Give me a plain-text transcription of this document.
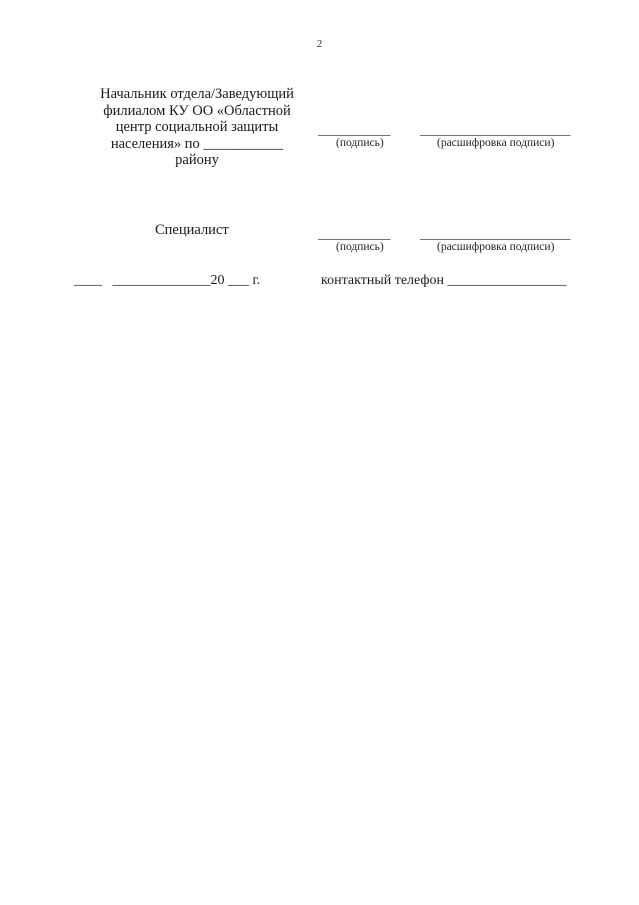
2
Начальник отдела/Заведующий
филиалом КУ ОО «Областной
центр социальной защиты
населения» по ___________
району
____________
(подпись)
_________________________
(расшифровка подписи)
Специалист	____________
(подпись)
_________________________
(расшифровка подписи)
____   ______________20 ___ г.	контактный телефон _________________
